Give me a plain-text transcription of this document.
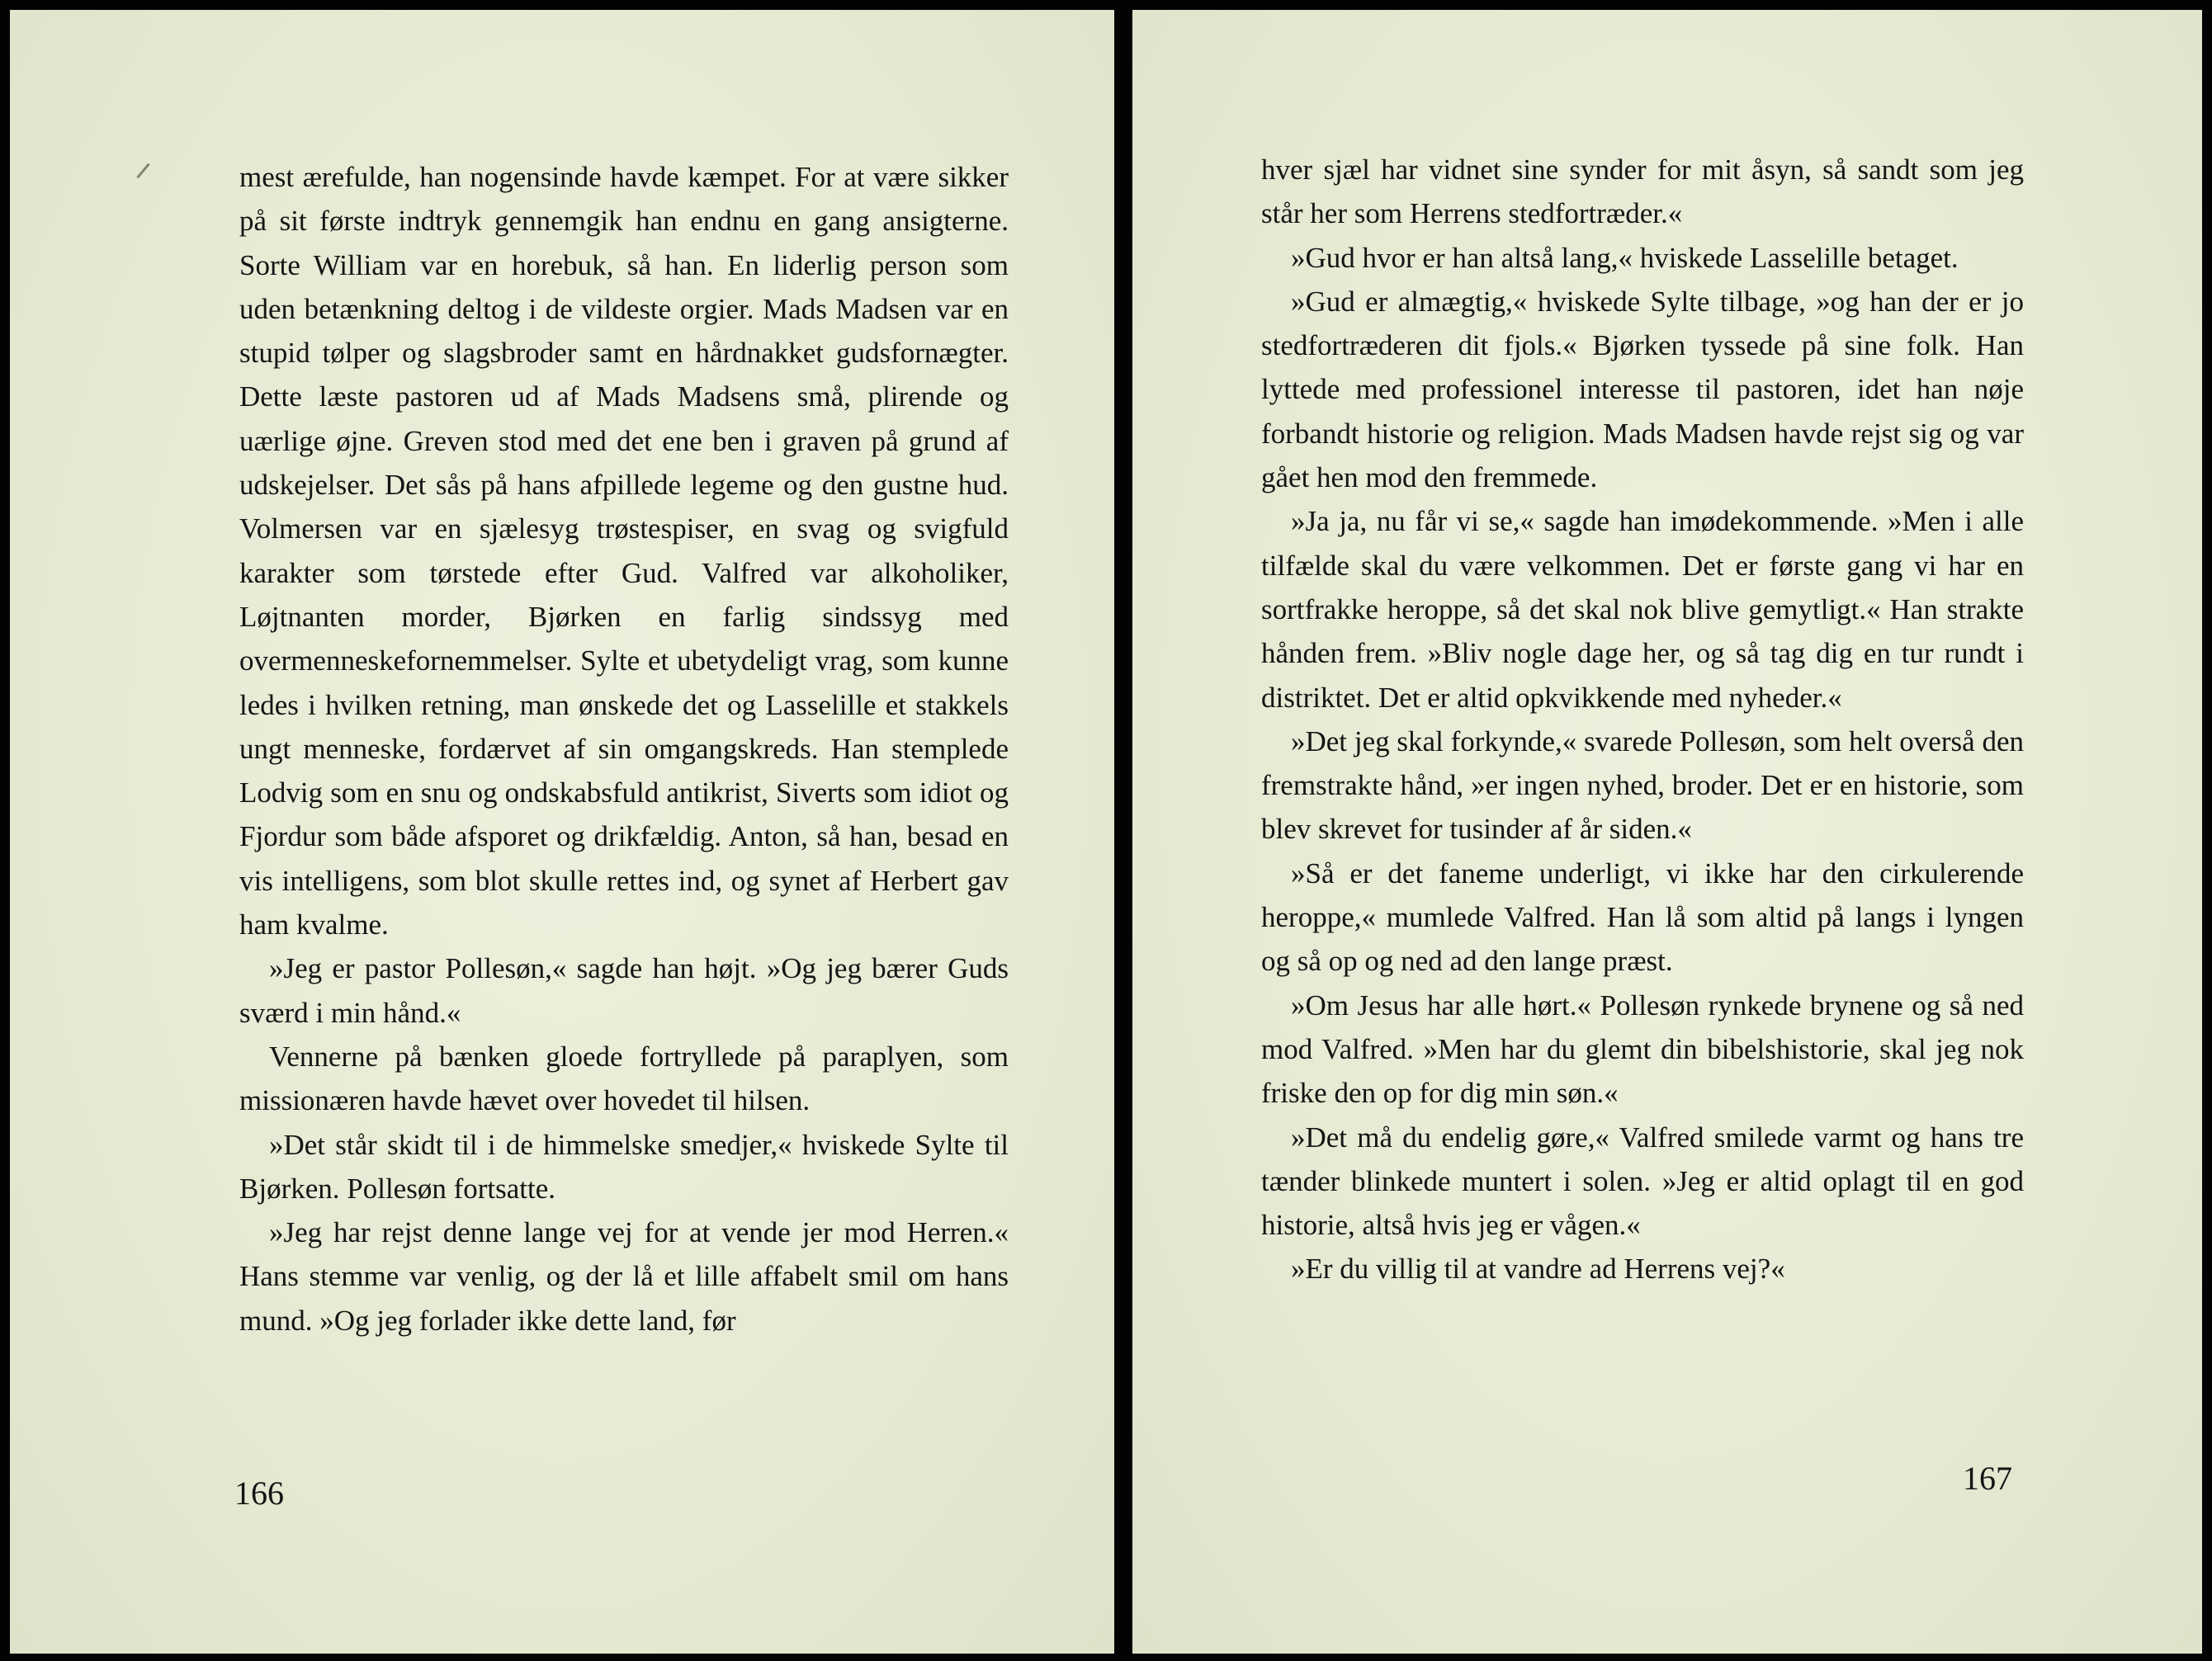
mest ærefulde, han nogensinde havde kæmpet. For at være sikker på sit første indtryk gennemgik han endnu en gang ansigterne. Sorte William var en horebuk, så han. En liderlig person som uden betænkning deltog i de vildeste orgier. Mads Madsen var en stupid tølper og slagsbroder samt en hårdnakket gudsfornægter. Dette læste pastoren ud af Mads Madsens små, plirende og uærlige øjne. Greven stod med det ene ben i graven på grund af udskejelser. Det sås på hans afpillede legeme og den gustne hud. Volmersen var en sjælesyg trøstespiser, en svag og svigfuld karakter som tørstede efter Gud. Valfred var alkoholiker, Løjtnanten morder, Bjørken en farlig sindssyg med overmenneskefornemmelser. Sylte et ubetydeligt vrag, som kunne ledes i hvilken retning, man ønskede det og Lasselille et stakkels ungt menneske, fordærvet af sin omgangskreds. Han stemplede Lodvig som en snu og ondskabsfuld antikrist, Siverts som idiot og Fjordur som både afsporet og drikfældig. Anton, så han, besad en vis intelligens, som blot skulle rettes ind, og synet af Herbert gav ham kvalme.

»Jeg er pastor Pollesøn,« sagde han højt. »Og jeg bærer Guds sværd i min hånd.«

Vennerne på bænken gloede fortryllede på paraplyen, som missionæren havde hævet over hovedet til hilsen.

»Det står skidt til i de himmelske smedjer,« hviskede Sylte til Bjørken. Pollesøn fortsatte.

»Jeg har rejst denne lange vej for at vende jer mod Herren.« Hans stemme var venlig, og der lå et lille affabelt smil om hans mund. »Og jeg forlader ikke dette land, før

166

hver sjæl har vidnet sine synder for mit åsyn, så sandt som jeg står her som Herrens stedfortræder.«

»Gud hvor er han altså lang,« hviskede Lasselille betaget.

»Gud er almægtig,« hviskede Sylte tilbage, »og han der er jo stedfortræderen dit fjols.« Bjørken tyssede på sine folk. Han lyttede med professionel interesse til pastoren, idet han nøje forbandt historie og religion. Mads Madsen havde rejst sig og var gået hen mod den fremmede.

»Ja ja, nu får vi se,« sagde han imødekommende. »Men i alle tilfælde skal du være velkommen. Det er første gang vi har en sortfrakke heroppe, så det skal nok blive gemytligt.« Han strakte hånden frem. »Bliv nogle dage her, og så tag dig en tur rundt i distriktet. Det er altid opkvikkende med nyheder.«

»Det jeg skal forkynde,« svarede Pollesøn, som helt overså den fremstrakte hånd, »er ingen nyhed, broder. Det er en historie, som blev skrevet for tusinder af år siden.«

»Så er det faneme underligt, vi ikke har den cirkulerende heroppe,« mumlede Valfred. Han lå som altid på langs i lyngen og så op og ned ad den lange præst.

»Om Jesus har alle hørt.« Pollesøn rynkede brynene og så ned mod Valfred. »Men har du glemt din bibelshistorie, skal jeg nok friske den op for dig min søn.«

»Det må du endelig gøre,« Valfred smilede varmt og hans tre tænder blinkede muntert i solen. »Jeg er altid oplagt til en god historie, altså hvis jeg er vågen.«

»Er du villig til at vandre ad Herrens vej?«

167
